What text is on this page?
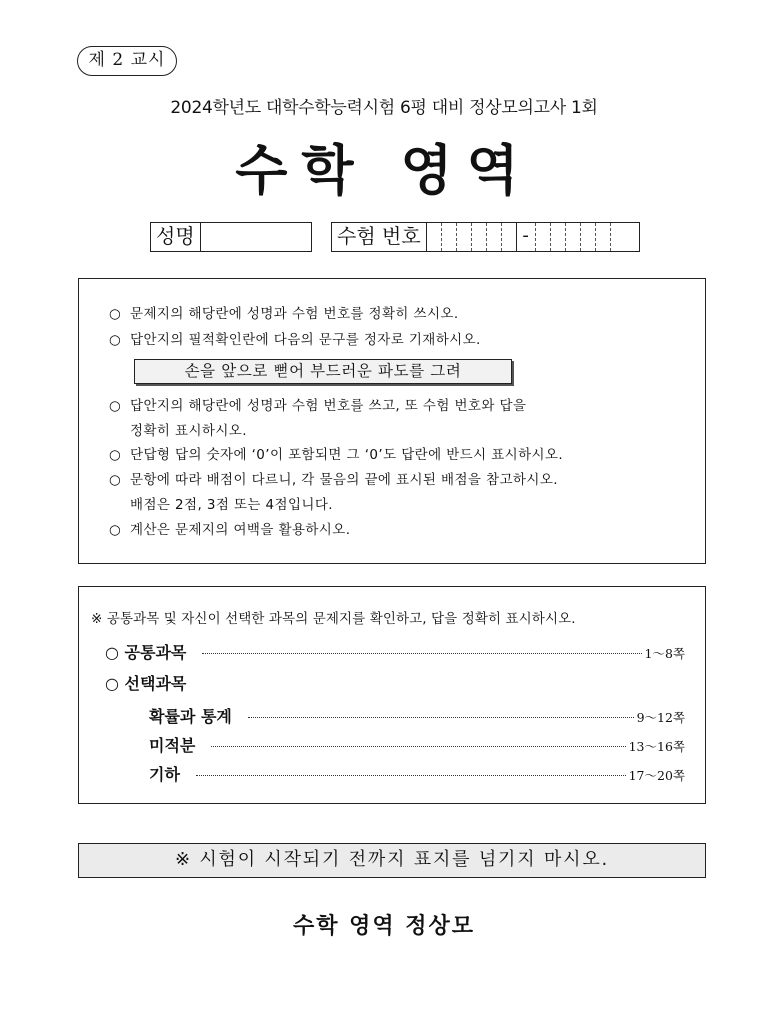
제 2 교시
2024학년도 대학수학능력시험 6평 대비 정상모의고사 1회
수학 영역
성명	수험 번호	-
○ 문제지의 해당란에 성명과 수험 번호를 정확히 쓰시오.
○ 답안지의 필적확인란에 다음의 문구를 정자로 기재하시오.
손을 앞으로 뻗어 부드러운 파도를 그려
○ 답안지의 해당란에 성명과 수험 번호를 쓰고, 또 수험 번호와 답을
정확히 표시하시오.
○ 단답형 답의 숫자에 ‘0’이 포함되면 그 ‘0’도 답란에 반드시 표시하시오.
○ 문항에 따라 배점이 다르니, 각 물음의 끝에 표시된 배점을 참고하시오.
배점은 2점, 3점 또는 4점입니다.
○ 계산은 문제지의 여백을 활용하시오.
※ 공통과목 및 자신이 선택한 과목의 문제지를 확인하고, 답을 정확히 표시하시오.
○ 공통과목	1～8쪽
○ 선택과목
확률과 통계	9～12쪽
미적분	13～16쪽
기하	17～20쪽
※ 시험이 시작되기 전까지 표지를 넘기지 마시오.
수학 영역 정상모
